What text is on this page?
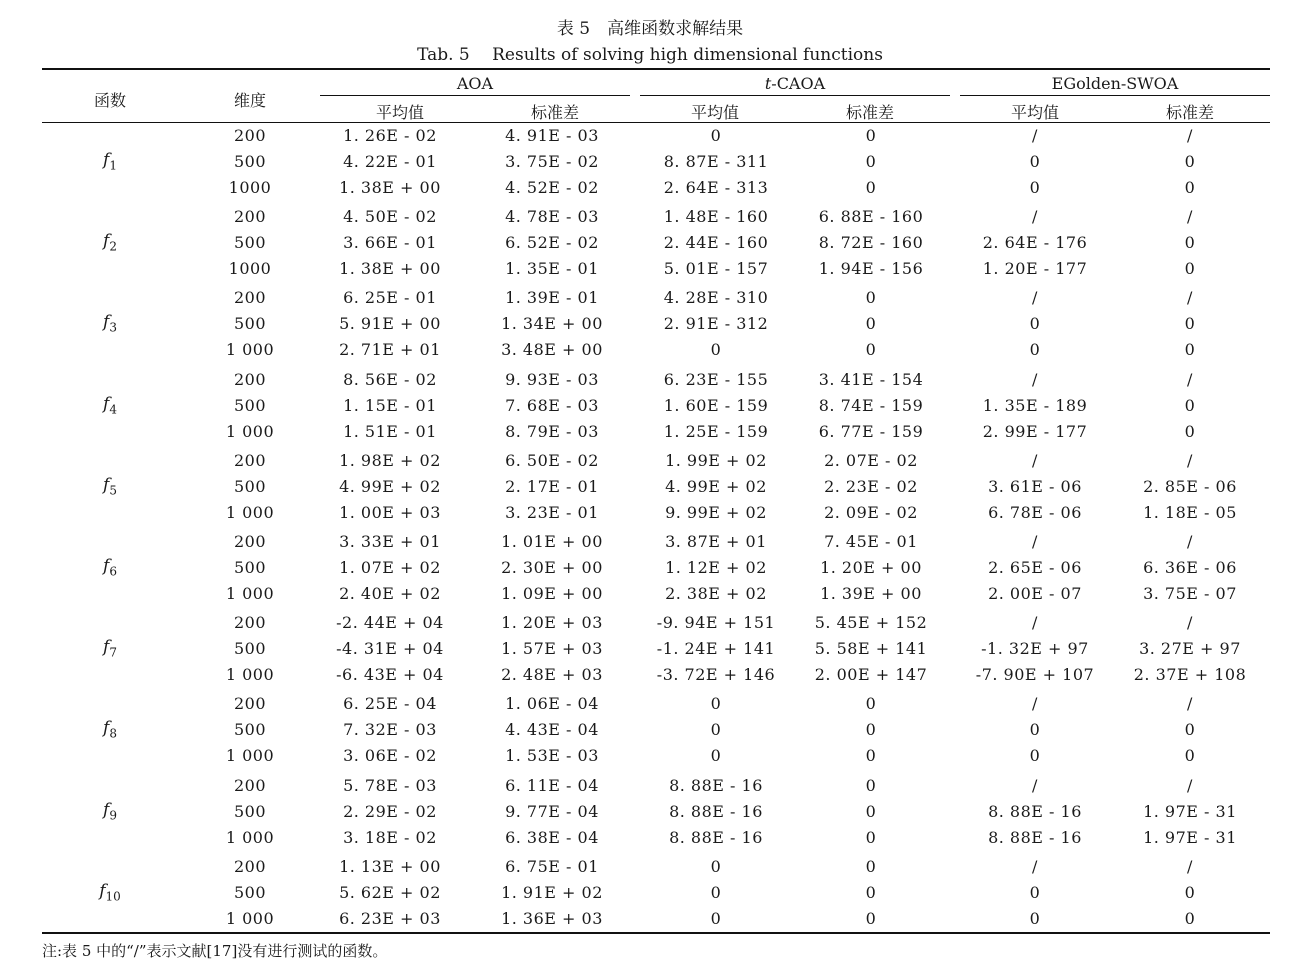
表 5　高维函数求解结果
Tab. 5　 Results of solving high dimensional functions
函数	维度
AOA	t-CAOA	EGolden-SWOA
平均值	标准差	平均值	标准差	平均值	标准差
$f_1$
200	1. 26E - 02	4. 91E - 03	0	0	/	/
500	4. 22E - 01	3. 75E - 02	8. 87E - 311	0	0	0
1000	1. 38E + 00	4. 52E - 02	2. 64E - 313	0	0	0
$f_2$
200	4. 50E - 02	4. 78E - 03	1. 48E - 160	6. 88E - 160	/	/
500	3. 66E - 01	6. 52E - 02	2. 44E - 160	8. 72E - 160	2. 64E - 176	0
1000	1. 38E + 00	1. 35E - 01	5. 01E - 157	1. 94E - 156	1. 20E - 177	0
$f_3$
200	6. 25E - 01	1. 39E - 01	4. 28E - 310	0	/	/
500	5. 91E + 00	1. 34E + 00	2. 91E - 312	0	0	0
1 000	2. 71E + 01	3. 48E + 00	0	0	0	0
$f_4$
200	8. 56E - 02	9. 93E - 03	6. 23E - 155	3. 41E - 154	/	/
500	1. 15E - 01	7. 68E - 03	1. 60E - 159	8. 74E - 159	1. 35E - 189	0
1 000	1. 51E - 01	8. 79E - 03	1. 25E - 159	6. 77E - 159	2. 99E - 177	0
$f_5$
200	1. 98E + 02	6. 50E - 02	1. 99E + 02	2. 07E - 02	/	/
500	4. 99E + 02	2. 17E - 01	4. 99E + 02	2. 23E - 02	3. 61E - 06	2. 85E - 06
1 000	1. 00E + 03	3. 23E - 01	9. 99E + 02	2. 09E - 02	6. 78E - 06	1. 18E - 05
$f_6$
200	3. 33E + 01	1. 01E + 00	3. 87E + 01	7. 45E - 01	/	/
500	1. 07E + 02	2. 30E + 00	1. 12E + 02	1. 20E + 00	2. 65E - 06	6. 36E - 06
1 000	2. 40E + 02	1. 09E + 00	2. 38E + 02	1. 39E + 00	2. 00E - 07	3. 75E - 07
$f_7$
200	-2. 44E + 04	1. 20E + 03	-9. 94E + 151	5. 45E + 152	/	/
500	-4. 31E + 04	1. 57E + 03	-1. 24E + 141	5. 58E + 141	-1. 32E + 97	3. 27E + 97
1 000	-6. 43E + 04	2. 48E + 03	-3. 72E + 146	2. 00E + 147	-7. 90E + 107	2. 37E + 108
$f_8$
200	6. 25E - 04	1. 06E - 04	0	0	/	/
500	7. 32E - 03	4. 43E - 04	0	0	0	0
1 000	3. 06E - 02	1. 53E - 03	0	0	0	0
$f_9$
200	5. 78E - 03	6. 11E - 04	8. 88E - 16	0	/	/
500	2. 29E - 02	9. 77E - 04	8. 88E - 16	0	8. 88E - 16	1. 97E - 31
1 000	3. 18E - 02	6. 38E - 04	8. 88E - 16	0	8. 88E - 16	1. 97E - 31
$f_{10}$
200	1. 13E + 00	6. 75E - 01	0	0	/	/
500	5. 62E + 02	1. 91E + 02	0	0	0	0
1 000	6. 23E + 03	1. 36E + 03	0	0	0	0
注:表 5 中的“/”表示文献[17]没有进行测试的函数。
